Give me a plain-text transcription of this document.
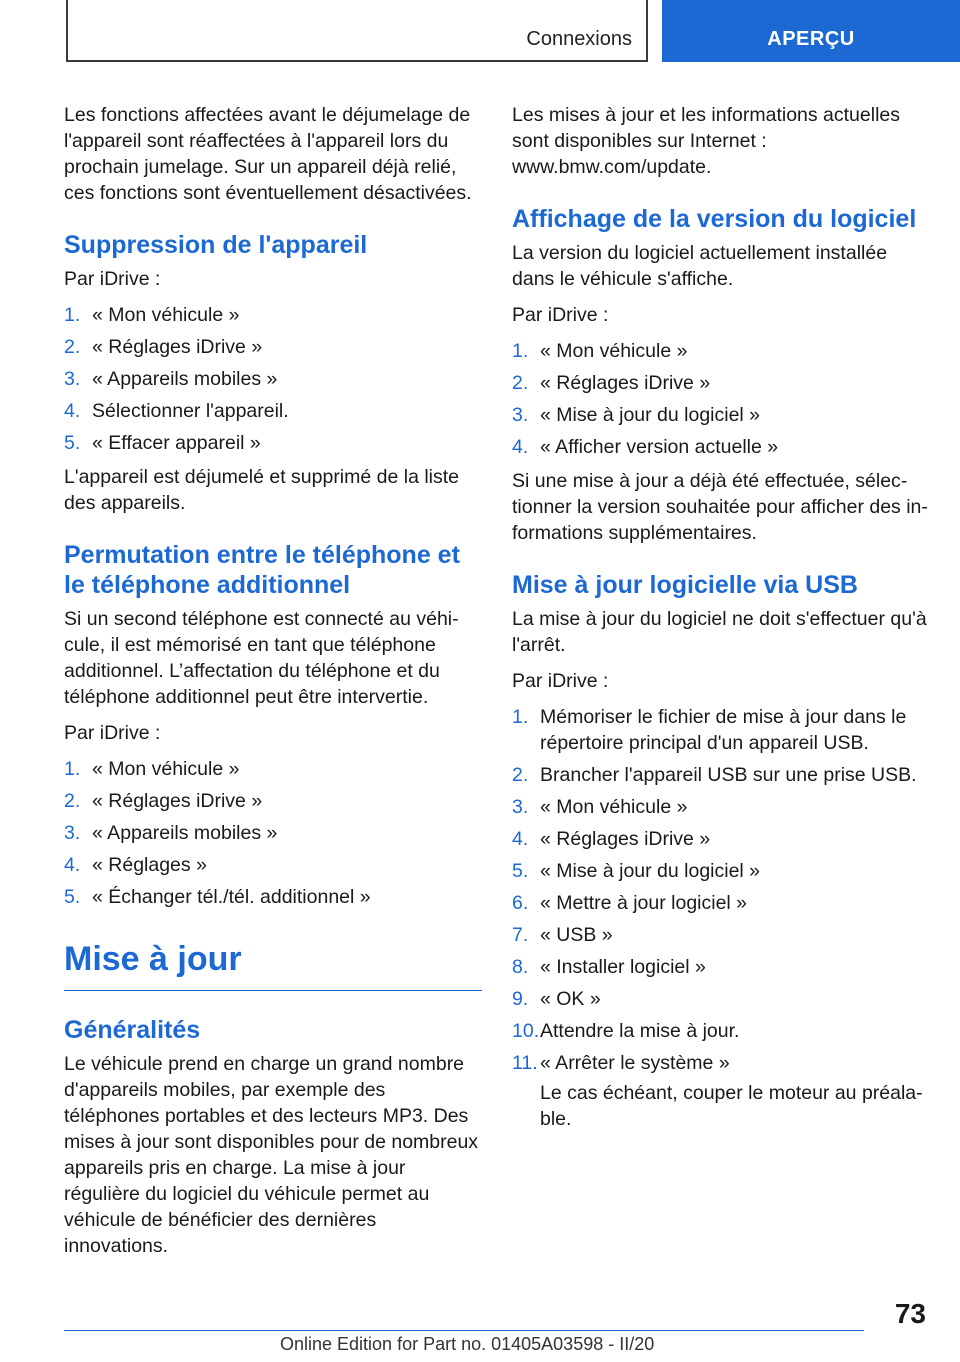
Connexions	APERÇU

Les fonctions affectées avant le déjumelage de l'appareil sont réaffectées à l'appareil lors du prochain jumelage. Sur un appareil déjà relié, ces fonctions sont éventuellement désactivées.

Suppression de l'appareil

Par iDrive :

1. « Mon véhicule »
2. « Réglages iDrive »
3. « Appareils mobiles »
4. Sélectionner l'appareil.
5. « Effacer appareil »

L'appareil est déjumelé et supprimé de la liste des appareils.

Permutation entre le téléphone et le téléphone additionnel

Si un second téléphone est connecté au véhicule, il est mémorisé en tant que téléphone additionnel. L’affectation du téléphone et du téléphone additionnel peut être intervertie.

Par iDrive :

1. « Mon véhicule »
2. « Réglages iDrive »
3. « Appareils mobiles »
4. « Réglages »
5. « Échanger tél./tél. additionnel »
Mise à jour
Généralités

Le véhicule prend en charge un grand nombre d'appareils mobiles, par exemple des téléphones portables et des lecteurs MP3. Des mises à jour sont disponibles pour de nombreux appareils pris en charge. La mise à jour régulière du logiciel du véhicule permet au véhicule de bénéficier des dernières innovations.

Les mises à jour et les informations actuelles sont disponibles sur Internet : www.bmw.com/update.

Affichage de la version du logiciel

La version du logiciel actuellement installée dans le véhicule s'affiche.

Par iDrive :

1. « Mon véhicule »
2. « Réglages iDrive »
3. « Mise à jour du logiciel »
4. « Afficher version actuelle »

Si une mise à jour a déjà été effectuée, sélectionner la version souhaitée pour afficher des informations supplémentaires.

Mise à jour logicielle via USB

La mise à jour du logiciel ne doit s'effectuer qu'à l'arrêt.

Par iDrive :

1. Mémoriser le fichier de mise à jour dans le répertoire principal d'un appareil USB.
2. Brancher l'appareil USB sur une prise USB.
3. « Mon véhicule »
4. « Réglages iDrive »
5. « Mise à jour du logiciel »
6. « Mettre à jour logiciel »
7. « USB »
8. « Installer logiciel »
9. « OK »
10. Attendre la mise à jour.
11. « Arrêter le système »
Le cas échéant, couper le moteur au préalable.
73
Online Edition for Part no. 01405A03598 - II/20
